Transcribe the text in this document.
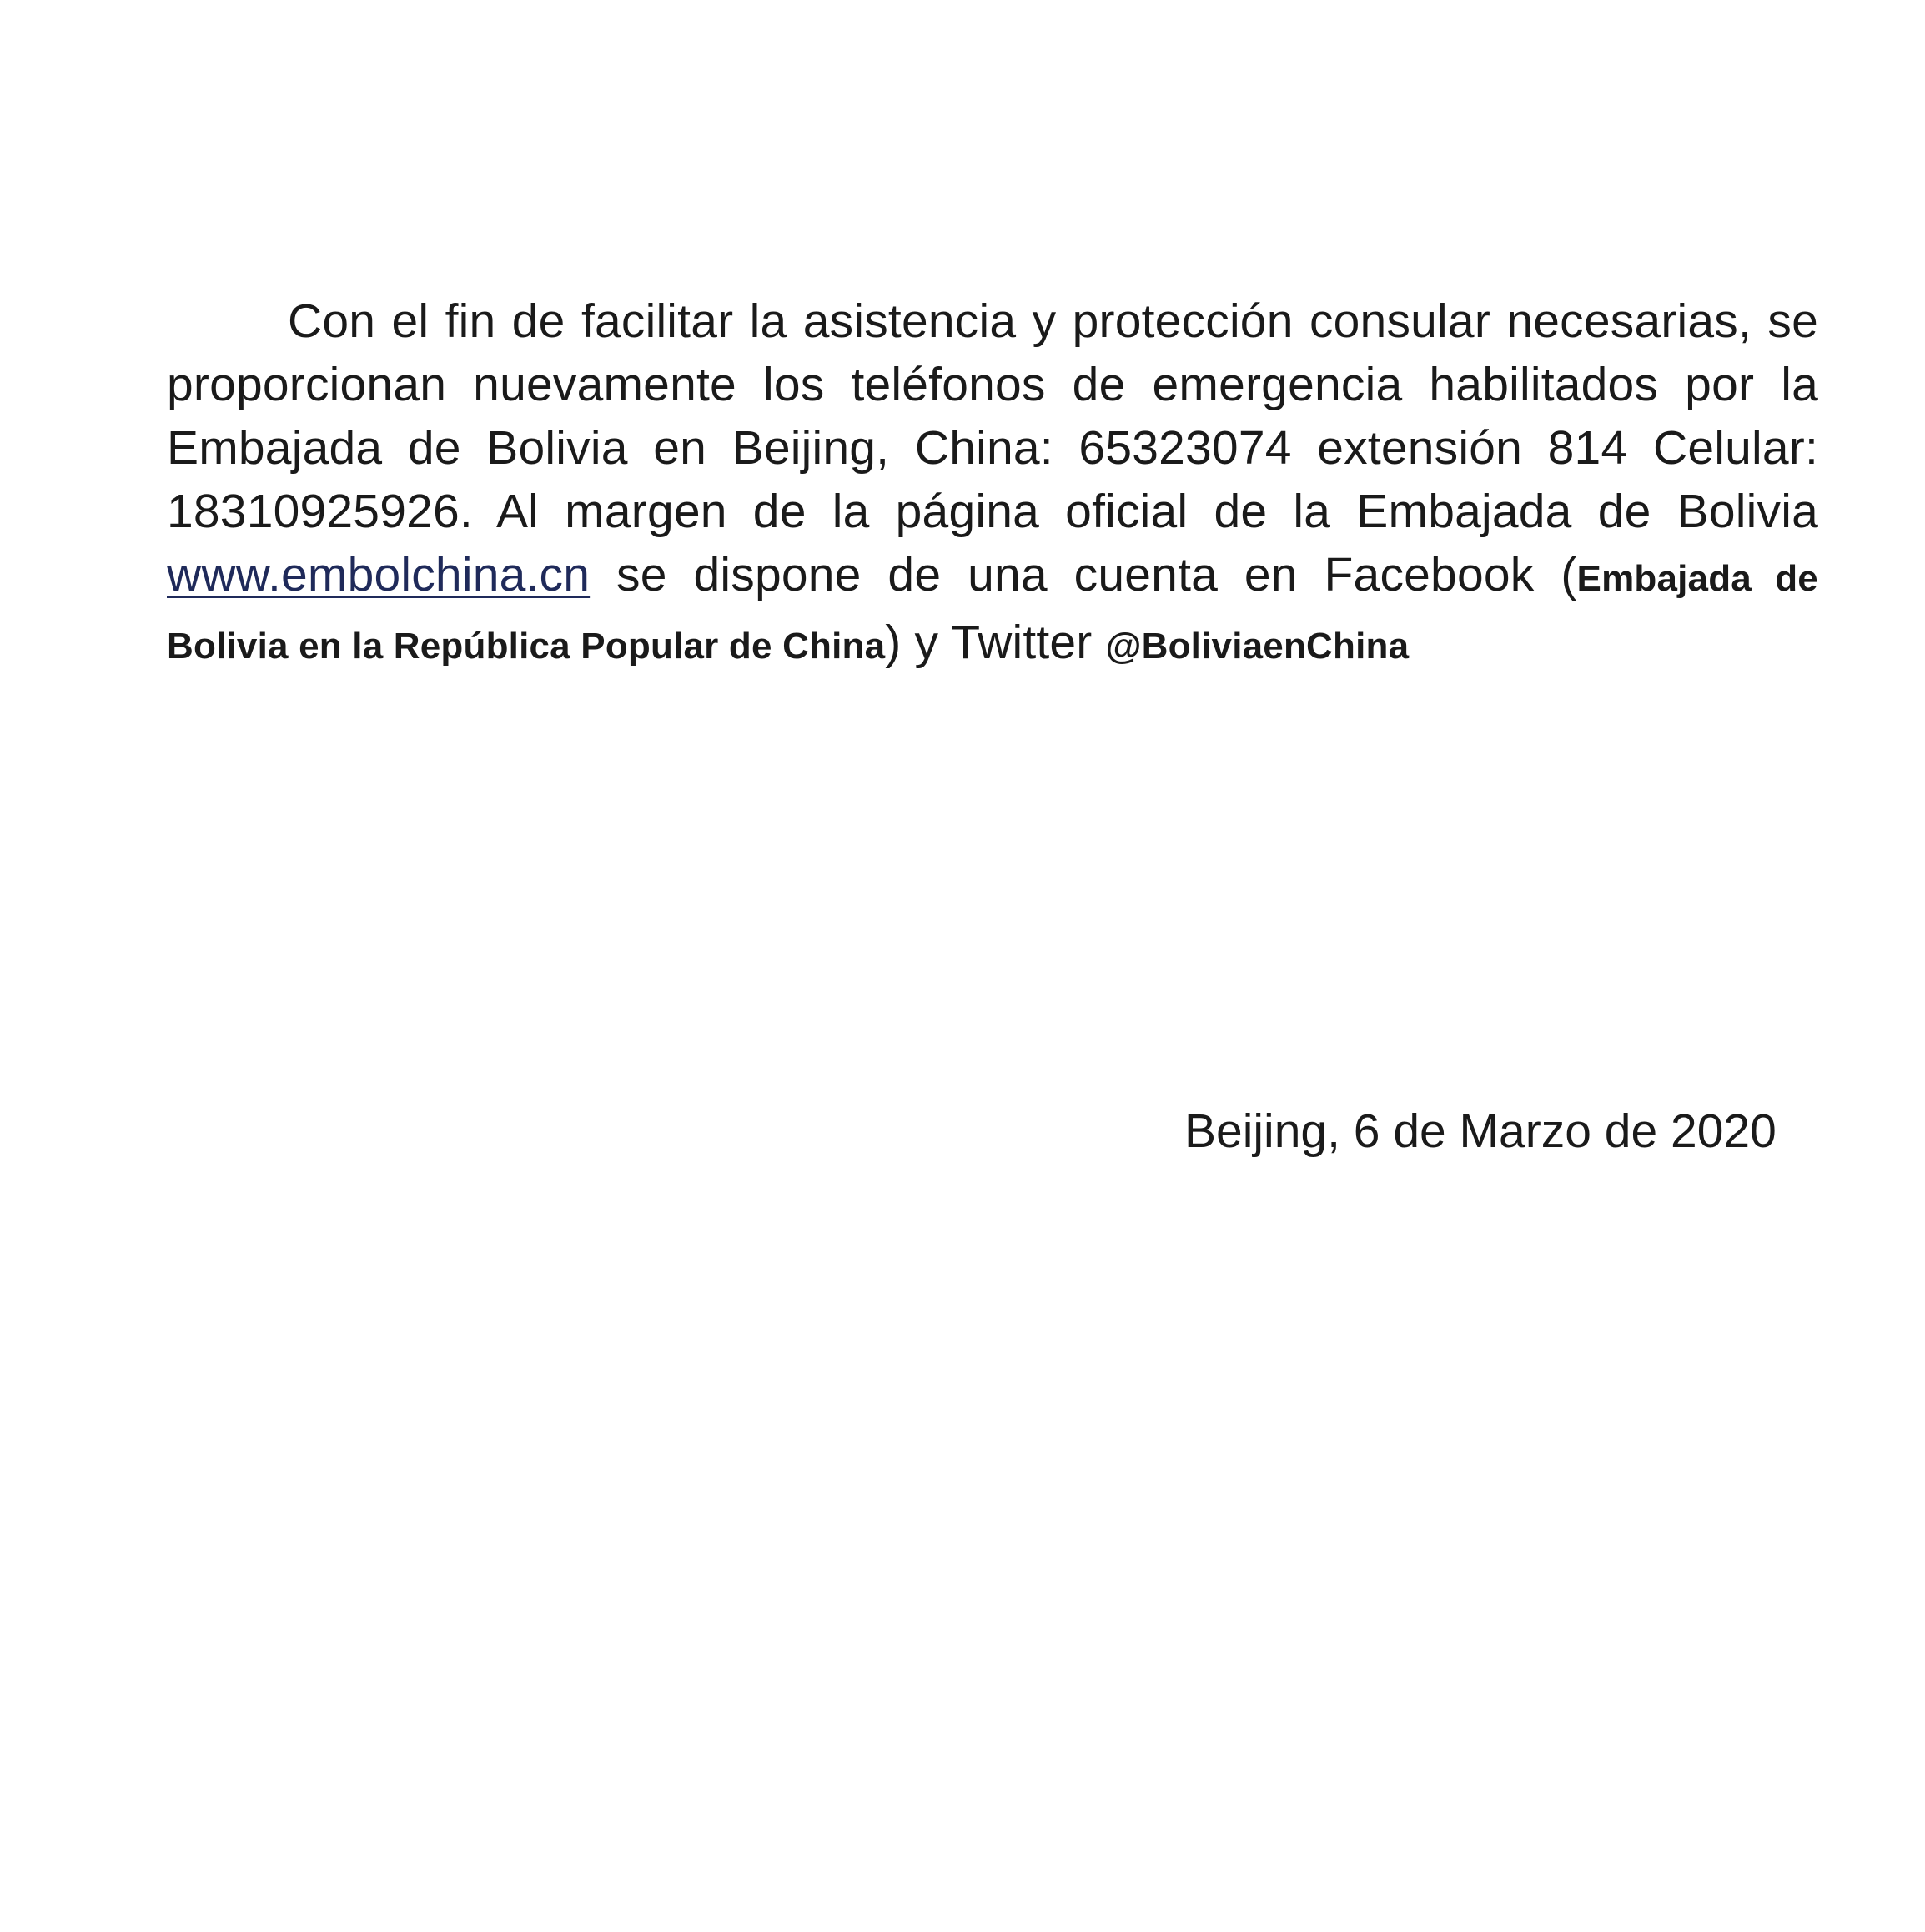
Con el fin de facilitar la asistencia y protección consular necesarias, se proporcionan nuevamente los teléfonos de emergencia habilitados por la Embajada de Bolivia en Beijing, China: 65323074 extensión 814 Celular: 18310925926. Al margen de la página oficial de la Embajada de Bolivia www.embolchina.cn se dispone de una cuenta en Facebook (Embajada de Bolivia en la República Popular de China) y Twitter @BoliviaenChina

Beijing, 6 de Marzo de 2020
